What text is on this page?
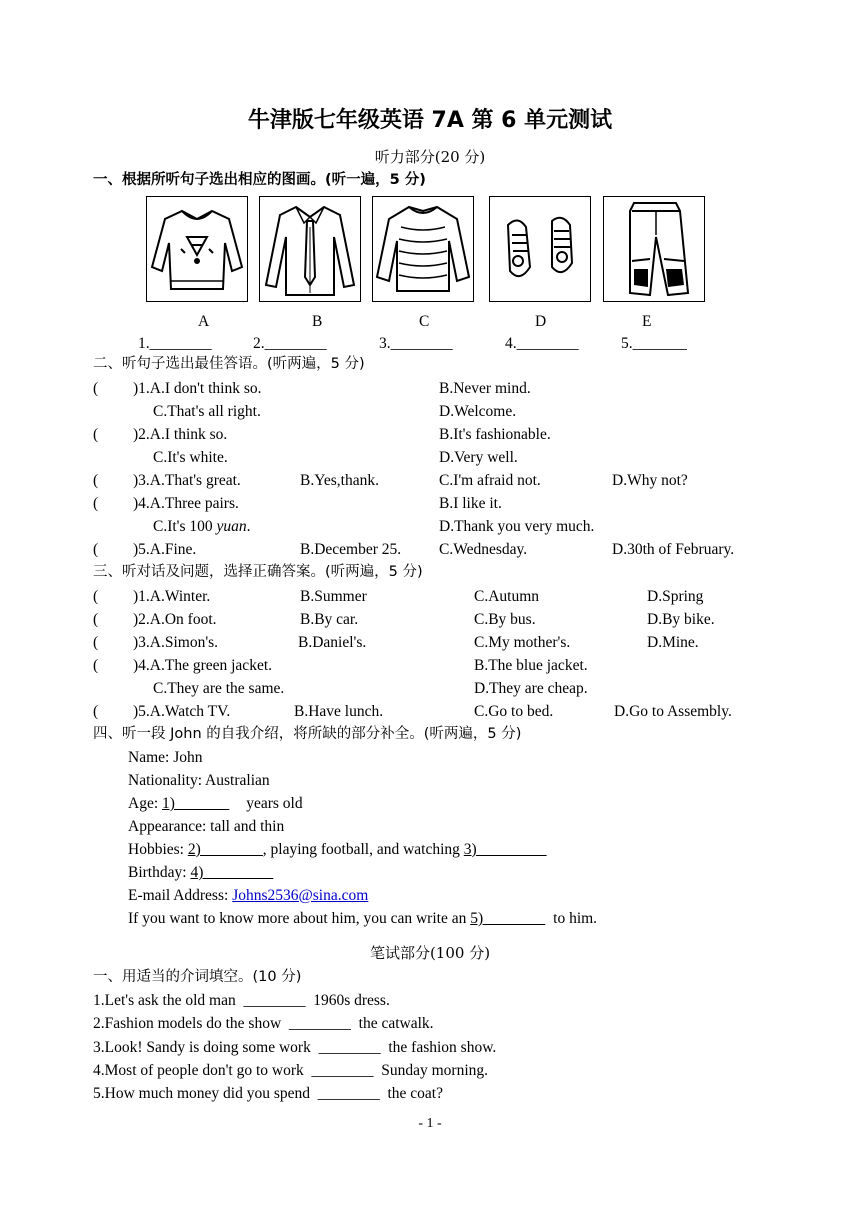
牛津版七年级英语 7A 第 6 单元测试
听力部分(20 分)
一、根据所听句子选出相应的图画。(听一遍，5 分)
A	B	C	D	E
1.________	2.________	3.________	4.________	5._______
二、听句子选出最佳答语。(听两遍，5 分)
( )1.A.I don't think so.	B.Never mind.
C.That's all right.	D.Welcome.
( )2.A.I think so.	B.It's fashionable.
C.It's white.	D.Very well.
( )3.A.That's great.	B.Yes,thank.	C.I'm afraid not.	D.Why not?
( )4.A.Three pairs.	B.I like it.
C.It's 100 yuan.	D.Thank you very much.
( )5.A.Fine.	B.December 25. C.Wednesday.	D.30th of February.
三、听对话及问题，选择正确答案。(听两遍，5 分)
( )1.A.Winter.	B.Summer	C.Autumn	D.Spring
( )2.A.On foot.	B.By car.	C.By bus.	D.By bike.
( )3.A.Simon's.	B.Daniel's.	C.My mother's.	D.Mine.
( )4.A.The green jacket.	B.The blue jacket.
C.They are the same.	D.They are cheap.
( )5.A.Watch TV.	B.Have lunch.	C.Go to bed.	D.Go to Assembly.
四、听一段 John 的自我介绍，将所缺的部分补全。(听两遍，5 分)
Name: John
Nationality: Australian
Age: 1)_______ years old
Appearance: tall and thin
Hobbies: 2)________, playing football, and watching 3)_________
Birthday: 4)_________
E-mail Address: Johns2536@sina.com
If you want to know more about him, you can write an 5)________ to him.
笔试部分(100 分)
一、用适当的介词填空。(10 分)
1.Let's ask the old man ________ 1960s dress.
2.Fashion models do the show ________ the catwalk.
3.Look! Sandy is doing some work ________ the fashion show.
4.Most of people don't go to work ________ Sunday morning.
5.How much money did you spend ________ the coat?
- 1 -
